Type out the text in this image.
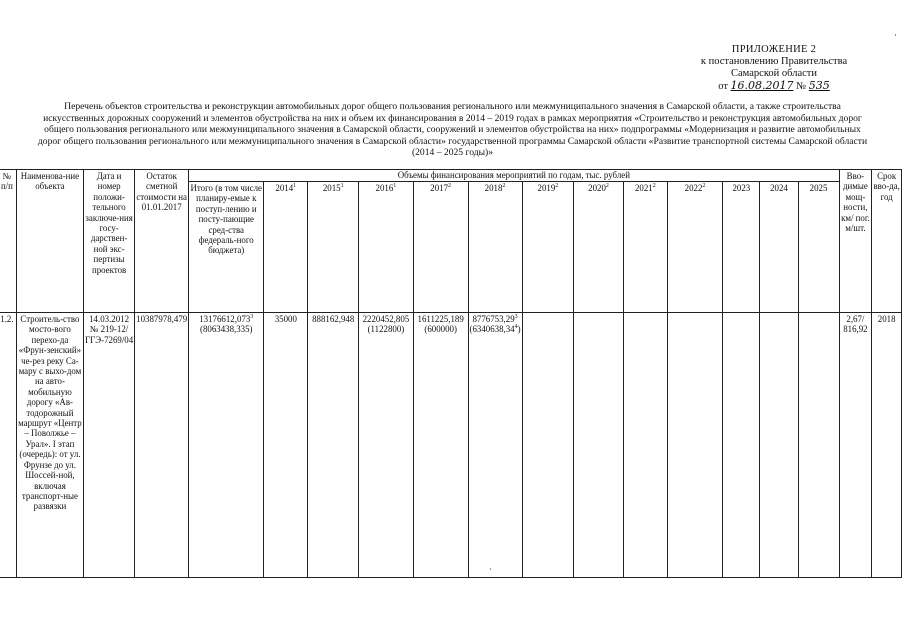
·
ПРИЛОЖЕНИЕ 2
к постановлению Правительства
Самарской области
от 16.08.2017 № 535
Перечень объектов строительства и реконструкции автомобильных дорог общего пользования регионального или межмуниципального значения в Самарской области, а также строительства
искусственных дорожных сооружений и элементов обустройства на них и объем их финансирования в 2014 – 2019 годах в рамках мероприятия «Строительство и реконструкция автомобильных дорог
общего пользования регионального или межмуниципального значения в Самарской области, сооружений и элементов обустройства на них» подпрограммы «Модернизация и развитие автомобильных
дорог общего пользования регионального или межмуниципального значения в Самарской области» государственной программы Самарской области «Развитие транспортной системы Самарской области
(2014 – 2025 годы)»
№ п/п	Наименова-ние объекта	Дата и номер положи-тельного заключе-ния госу-дарствен-ной экс-пертизы проектов	Остаток сметной стоимости на 01.01.2017	Объемы финансирования мероприятий по годам, тыс. рублей													Вво-димые мощ-ности, км/ пог. м/шт.	Срок вво-да, год
				Итого (в том числе планиру-емые к поступ-лению и посту-пающие сред-ства федераль-ного бюджета)	2014$^1$	2015$^1$	2016$^1$	2017$^2$	2018$^2$	2019$^2$	2020$^2$	2021$^2$	2022$^2$	2023	2024	2025		
1.2.	Строитель-ство мосто-вого перехо-да «Фрун-зенский» че-рез реку Са-мару с выхо-дом на авто-мобильную дорогу «Ав-тодорожный маршрут «Центр – Поволжье – Урал». I этап (очередь): от ул. Фрунзе до ул. Шоссей-ной, включая транспорт-ные развязки	14.03.2012 № 219-12/ГГЭ-7269/04	10387978,479	13176612,073$^3$
(8063438,335)	35000	888162,948	2220452,805
(1122800)	1611225,189
(600000)	8776753,29$^3$
(6340638,34$^4$)								2,67/ 816,92	2018
ˎ
